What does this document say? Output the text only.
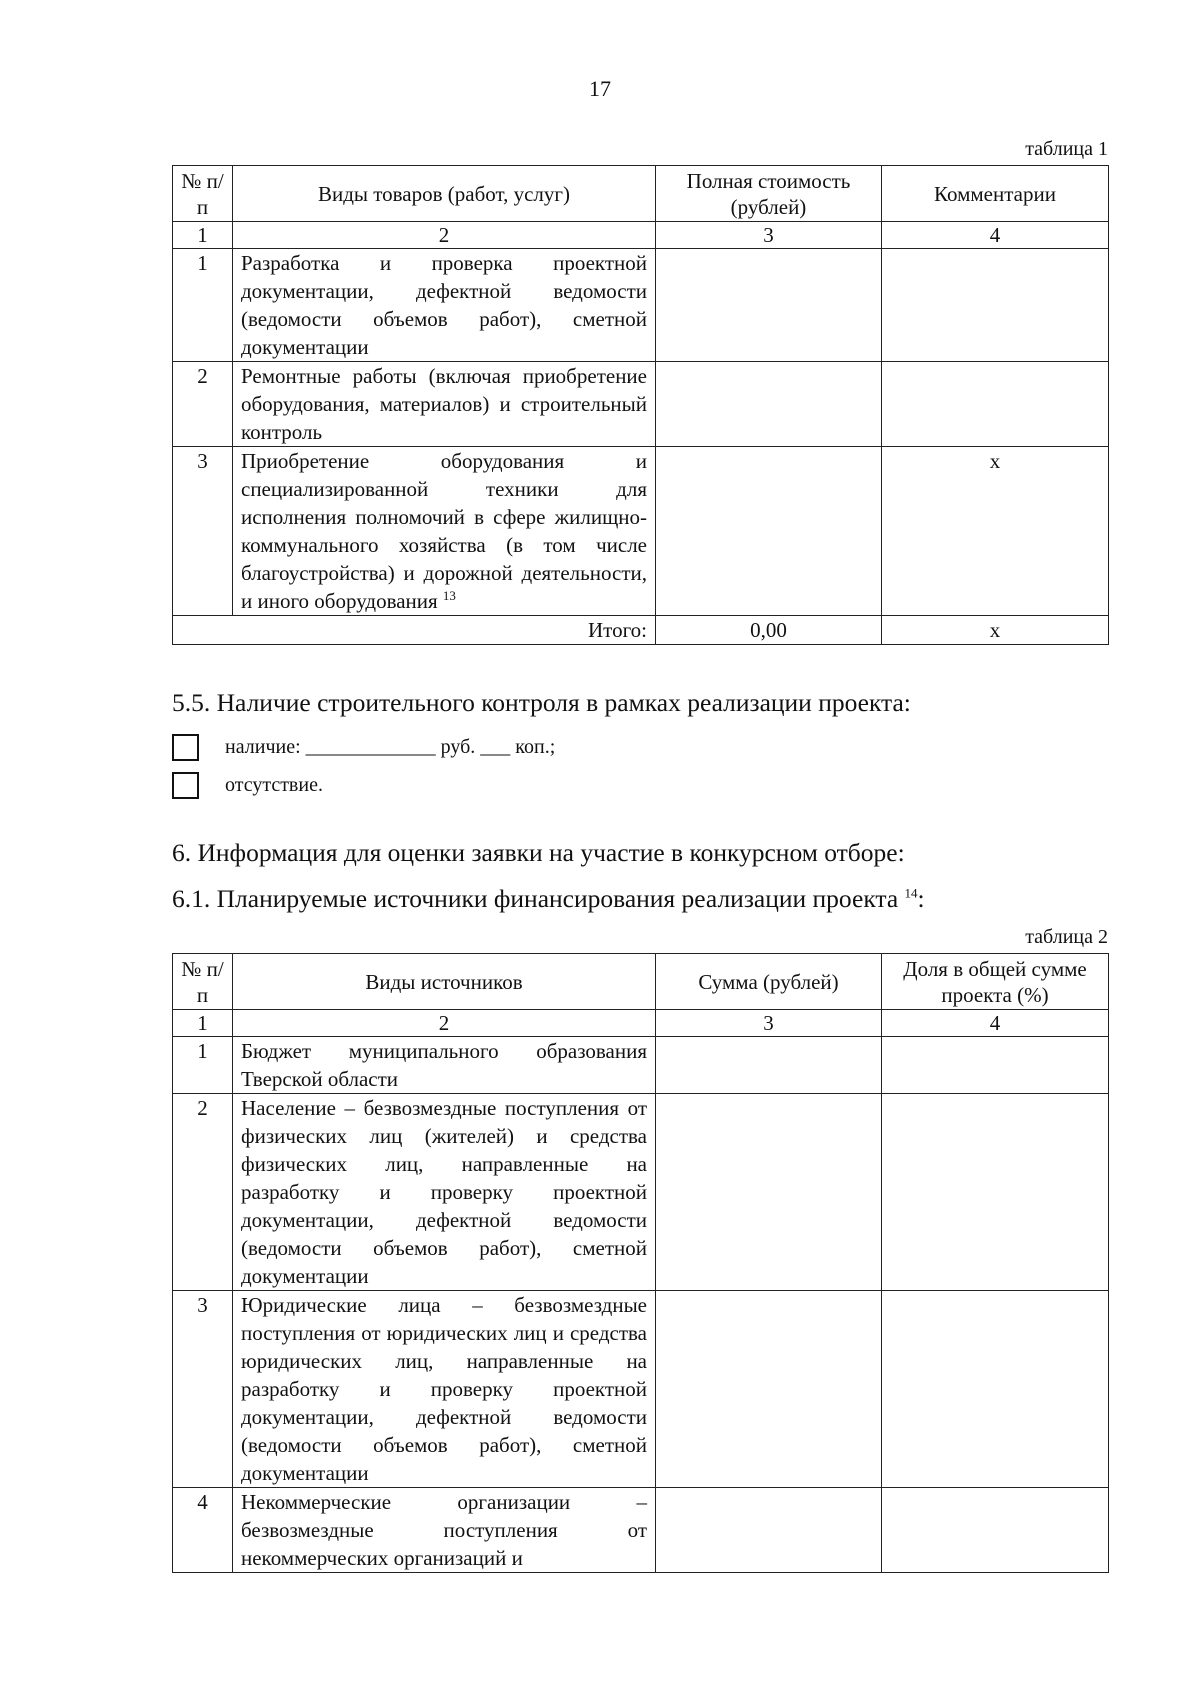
17
таблица 1
№ п/п	Виды товаров (работ, услуг)	Полная стоимость (рублей)	Комментарии
1	2	3	4
1	Разработка и проверка проектной документации, дефектной ведомости (ведомости объемов работ), сметной документации		
2	Ремонтные работы (включая приобретение оборудования, материалов) и строительный контроль		
3	Приобретение оборудования и специализированной техники для исполнения полномочий в сфере жилищно-коммунального хозяйства (в том числе благоустройства) и дорожной деятельности, и иного оборудования $^{13}$		х
Итого:		0,00	х
5.5. Наличие строительного контроля в рамках реализации проекта:
наличие: _____________ руб. ___ коп.;
отсутствие.
6. Информация для оценки заявки на участие в конкурсном отборе:
6.1. Планируемые источники финансирования реализации проекта $^{14}$:
таблица 2
№ п/п	Виды источников	Сумма (рублей)	Доля в общей сумме проекта (%)
1	2	3	4
1	Бюджет муниципального образования Тверской области		
2	Население – безвозмездные поступления от физических лиц (жителей) и средства физических лиц, направленные на разработку и проверку проектной документации, дефектной ведомости (ведомости объемов работ), сметной документации		
3	Юридические лица – безвозмездные поступления от юридических лиц и средства юридических лиц, направленные на разработку и проверку проектной документации, дефектной ведомости (ведомости объемов работ), сметной документации		
4	Некоммерческие организации – безвозмездные поступления от некоммерческих организаций и		
